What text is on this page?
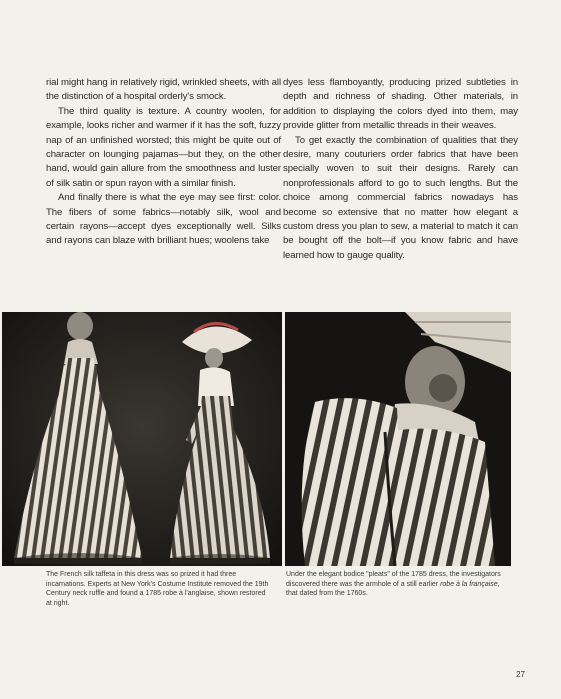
rial might hang in relatively rigid, wrinkled sheets, with all the distinction of a hospital orderly's smock.

The third quality is texture. A country woolen, for example, looks richer and warmer if it has the soft, fuzzy nap of an unfinished worsted; this might be quite out of character on lounging pajamas—but they, on the other hand, would gain allure from the smoothness and luster of silk satin or spun rayon with a similar finish.

And finally there is what the eye may see first: color. The fibers of some fabrics—notably silk, wool and certain rayons—accept dyes exceptionally well. Silks and rayons can blaze with brilliant hues; woolens take

dyes less flamboyantly, producing prized subtleties in depth and richness of shading. Other materials, in addition to displaying the colors dyed into them, may provide glitter from metallic threads in their weaves.

To get exactly the combination of qualities that they desire, many couturiers order fabrics that have been specially woven to suit their designs. Rarely can nonprofessionals afford to go to such lengths. But the choice among commercial fabrics nowadays has become so extensive that no matter how elegant a custom dress you plan to sew, a material to match it can be bought off the bolt—if you know fabric and have learned how to gauge quality.

The French silk taffeta in this dress was so prized it had three incarnations. Experts at New York's Costume Institute removed the 19th Century neck ruffle and found a 1785 robe à l'anglaise, shown restored at right.
Under the elegant bodice "pleats" of the 1785 dress, the investigators discovered there was the armhole of a still earlier robe à la française, that dated from the 1760s.
27
